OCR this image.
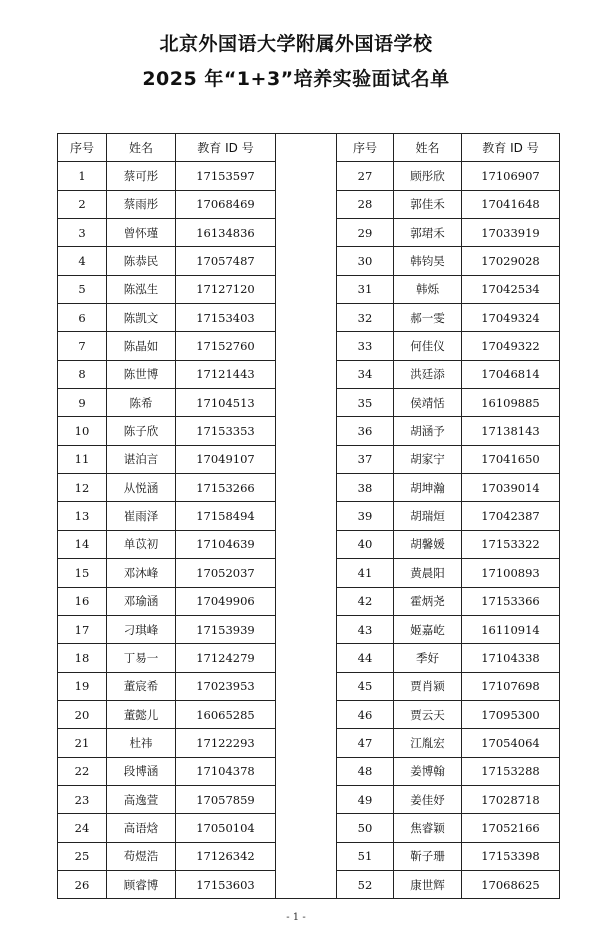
北京外国语大学附属外国语学校
2025 年“1+3”培养实验面试名单
序号	姓名	教育 ID 号
1	蔡可彤	17153597
2	蔡雨彤	17068469
3	曾怀瑾	16134836
4	陈恭民	17057487
5	陈泓生	17127120
6	陈凯文	17153403
7	陈晶如	17152760
8	陈世博	17121443
9	陈希	17104513
10	陈子欣	17153353
11	谌泊言	17049107
12	从悦涵	17153266
13	崔雨泽	17158494
14	单苡初	17104639
15	邓沐峰	17052037
16	邓瑜涵	17049906
17	刁琪峰	17153939
18	丁易一	17124279
19	董宸希	17023953
20	董懿儿	16065285
21	杜祎	17122293
22	段博涵	17104378
23	高逸萱	17057859
24	高语焓	17050104
25	苟煜浩	17126342
26	顾睿博	17153603
序号	姓名	教育 ID 号
27	顾彤欣	17106907
28	郭佳禾	17041648
29	郭珺禾	17033919
30	韩钧昊	17029028
31	韩烁	17042534
32	郝一雯	17049324
33	何佳仪	17049322
34	洪廷添	17046814
35	侯靖恬	16109885
36	胡涵予	17138143
37	胡家宁	17041650
38	胡坤瀚	17039014
39	胡瑞烜	17042387
40	胡馨媛	17153322
41	黄晨阳	17100893
42	霍炳尧	17153366
43	姬嘉屹	16110914
44	季好	17104338
45	贾肖颍	17107698
46	贾云天	17095300
47	江胤宏	17054064
48	姜博翰	17153288
49	姜佳妤	17028718
50	焦睿颖	17052166
51	靳子珊	17153398
52	康世辉	17068625
- 1 -
